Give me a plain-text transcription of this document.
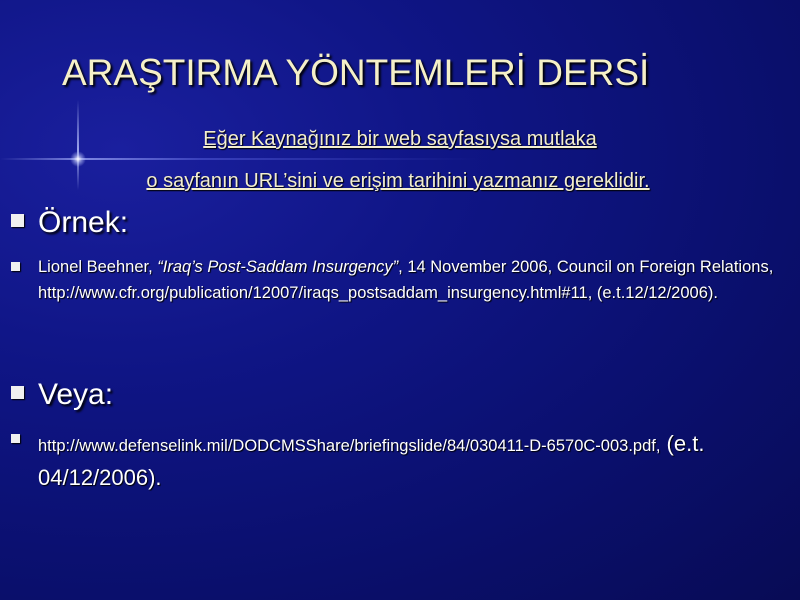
ARAŞTIRMA YÖNTEMLERİ DERSİ
Eğer Kaynağınız bir web sayfasıysa mutlaka
o sayfanın URL’sini ve erişim tarihini yazmanız gereklidir.
Örnek:
Lionel Beehner, “Iraq’s Post-Saddam Insurgency”, 14 November 2006, Council on Foreign Relations, http://www.cfr.org/publication/12007/iraqs_postsaddam_insurgency.html#11, (e.t.12/12/2006).
Veya:
http://www.defenselink.mil/DODCMSShare/briefingslide/84/030411-D-6570C-003.pdf, (e.t. 04/12/2006).
